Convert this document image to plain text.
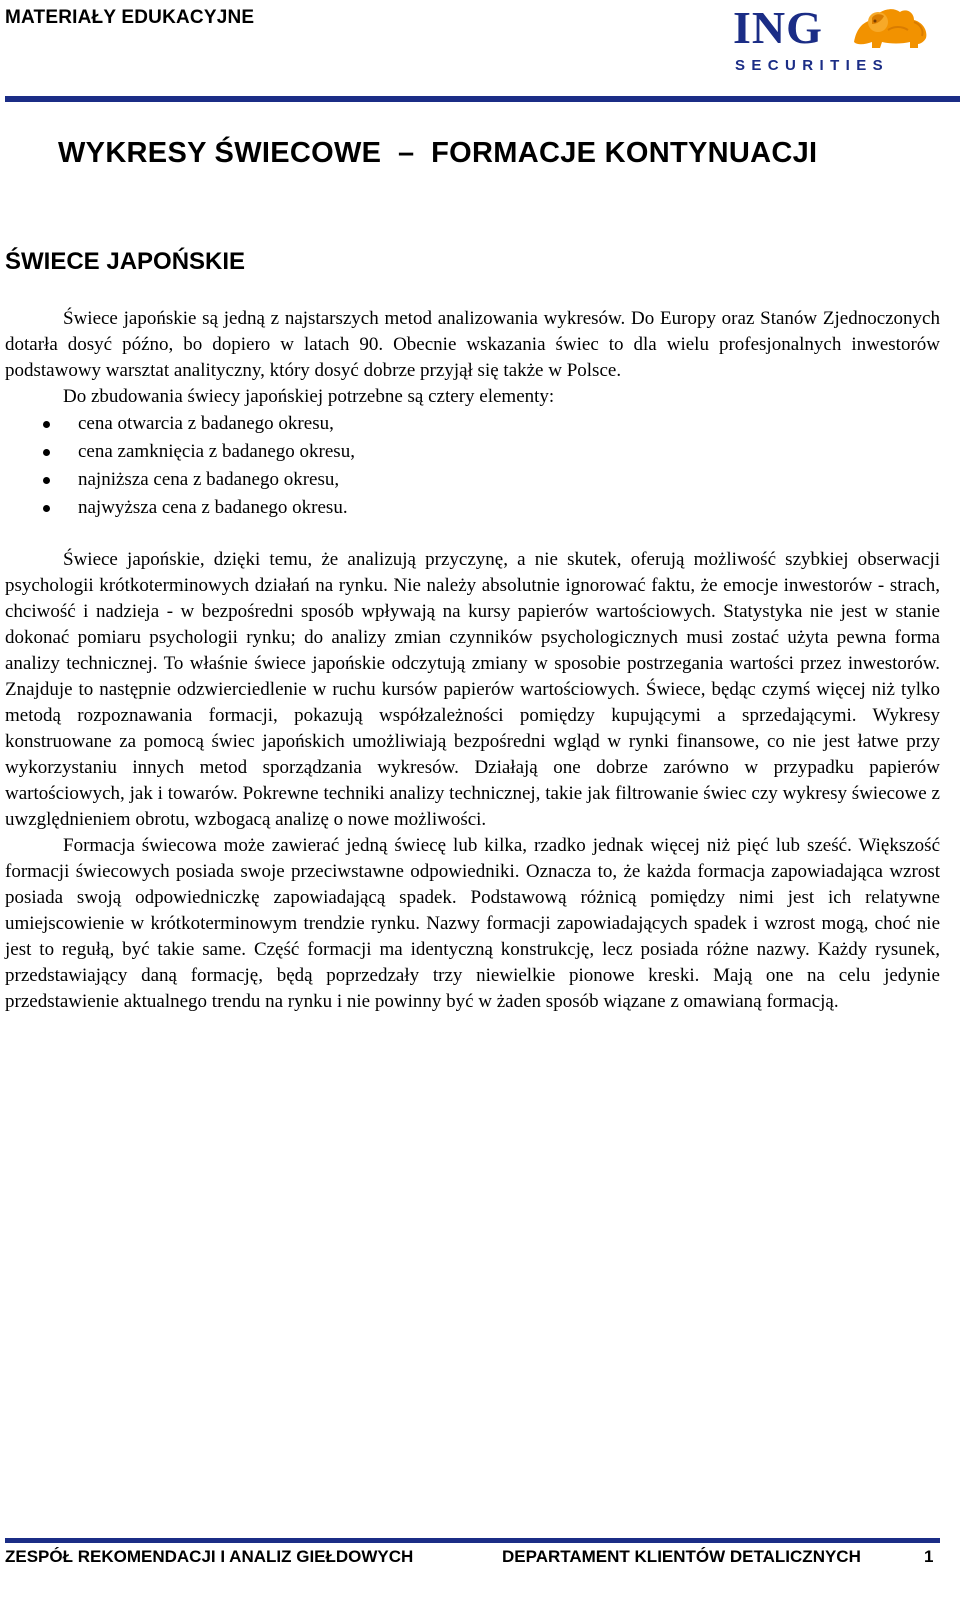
MATERIAŁY EDUKACYJNE	ING
SECURITIES
WYKRESY ŚWIECOWE  –  FORMACJE KONTYNUACJI
ŚWIECE JAPOŃSKIE

Świece japońskie są jedną z najstarszych metod analizowania wykresów. Do Europy oraz Stanów Zjednoczonych dotarła dosyć późno, bo dopiero w latach 90. Obecnie wskazania świec to dla wielu profesjonalnych inwestorów podstawowy warsztat analityczny, który dosyć dobrze przyjął się także w Polsce.

Do zbudowania świecy japońskiej potrzebne są cztery elementy:

cena otwarcia z badanego okresu,
cena zamknięcia z badanego okresu,
najniższa cena z badanego okresu,
najwyższa cena z badanego okresu.

Świece japońskie, dzięki temu, że analizują przyczynę, a nie skutek, oferują możliwość szybkiej obserwacji psychologii krótkoterminowych działań na rynku. Nie należy absolutnie ignorować faktu, że emocje inwestorów - strach, chciwość i nadzieja - w bezpośredni sposób wpływają na kursy papierów wartościowych. Statystyka nie jest w stanie dokonać pomiaru psychologii rynku; do analizy zmian czynników psychologicznych musi zostać użyta pewna forma analizy technicznej. To właśnie świece japońskie odczytują zmiany w sposobie postrzegania wartości przez inwestorów. Znajduje to następnie odzwierciedlenie w ruchu kursów papierów wartościowych. Świece, będąc czymś więcej niż tylko metodą rozpoznawania formacji, pokazują współzależności pomiędzy kupującymi a sprzedającymi. Wykresy konstruowane za pomocą świec japońskich umożliwiają bezpośredni wgląd w rynki finansowe, co nie jest łatwe przy wykorzystaniu innych metod sporządzania wykresów. Działają one dobrze zarówno w przypadku papierów wartościowych, jak i towarów. Pokrewne techniki analizy technicznej, takie jak filtrowanie świec czy wykresy świecowe z uwzględnieniem obrotu, wzbogacą analizę o nowe możliwości.

Formacja świecowa może zawierać jedną świecę lub kilka, rzadko jednak więcej niż pięć lub sześć. Większość formacji świecowych posiada swoje przeciwstawne odpowiedniki. Oznacza to, że każda formacja zapowiadająca wzrost posiada swoją odpowiedniczkę zapowiadającą spadek. Podstawową różnicą pomiędzy nimi jest ich relatywne umiejscowienie w krótkoterminowym trendzie rynku. Nazwy formacji zapowiadających spadek i wzrost mogą, choć nie jest to regułą, być takie same. Część formacji ma identyczną konstrukcję, lecz posiada różne nazwy. Każdy rysunek, przedstawiający daną formację, będą poprzedzały trzy niewielkie pionowe kreski. Mają one na celu jedynie przedstawienie aktualnego trendu na rynku i nie powinny być w żaden sposób wiązane z omawianą formacją.

ZESPÓŁ REKOMENDACJI I ANALIZ GIEŁDOWYCH	DEPARTAMENT KLIENTÓW DETALICZNYCH	1
